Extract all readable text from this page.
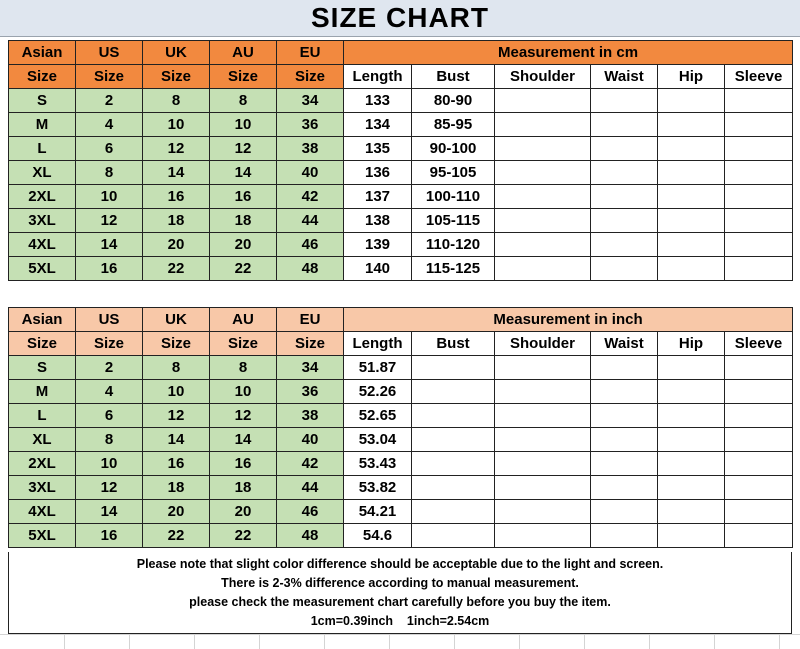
SIZE CHART
Asian	US	UK	AU	EU	Measurement in cm					
Size	Size	Size	Size	Size	Length	Bust	Shoulder	Waist	Hip	Sleeve
S	2	8	8	34	133	80-90				
M	4	10	10	36	134	85-95				
L	6	12	12	38	135	90-100				
XL	8	14	14	40	136	95-105				
2XL	10	16	16	42	137	100-110				
3XL	12	18	18	44	138	105-115				
4XL	14	20	20	46	139	110-120				
5XL	16	22	22	48	140	115-125				
Asian	US	UK	AU	EU	Measurement in inch					
Size	Size	Size	Size	Size	Length	Bust	Shoulder	Waist	Hip	Sleeve
S	2	8	8	34	51.87					
M	4	10	10	36	52.26					
L	6	12	12	38	52.65					
XL	8	14	14	40	53.04					
2XL	10	16	16	42	53.43					
3XL	12	18	18	44	53.82					
4XL	14	20	20	46	54.21					
5XL	16	22	22	48	54.6					
Please note that slight color difference should be acceptable due to the light and screen.
There is 2-3% difference according to manual measurement.
please check the measurement chart carefully before you buy the item.
1cm=0.39inch    1inch=2.54cm
